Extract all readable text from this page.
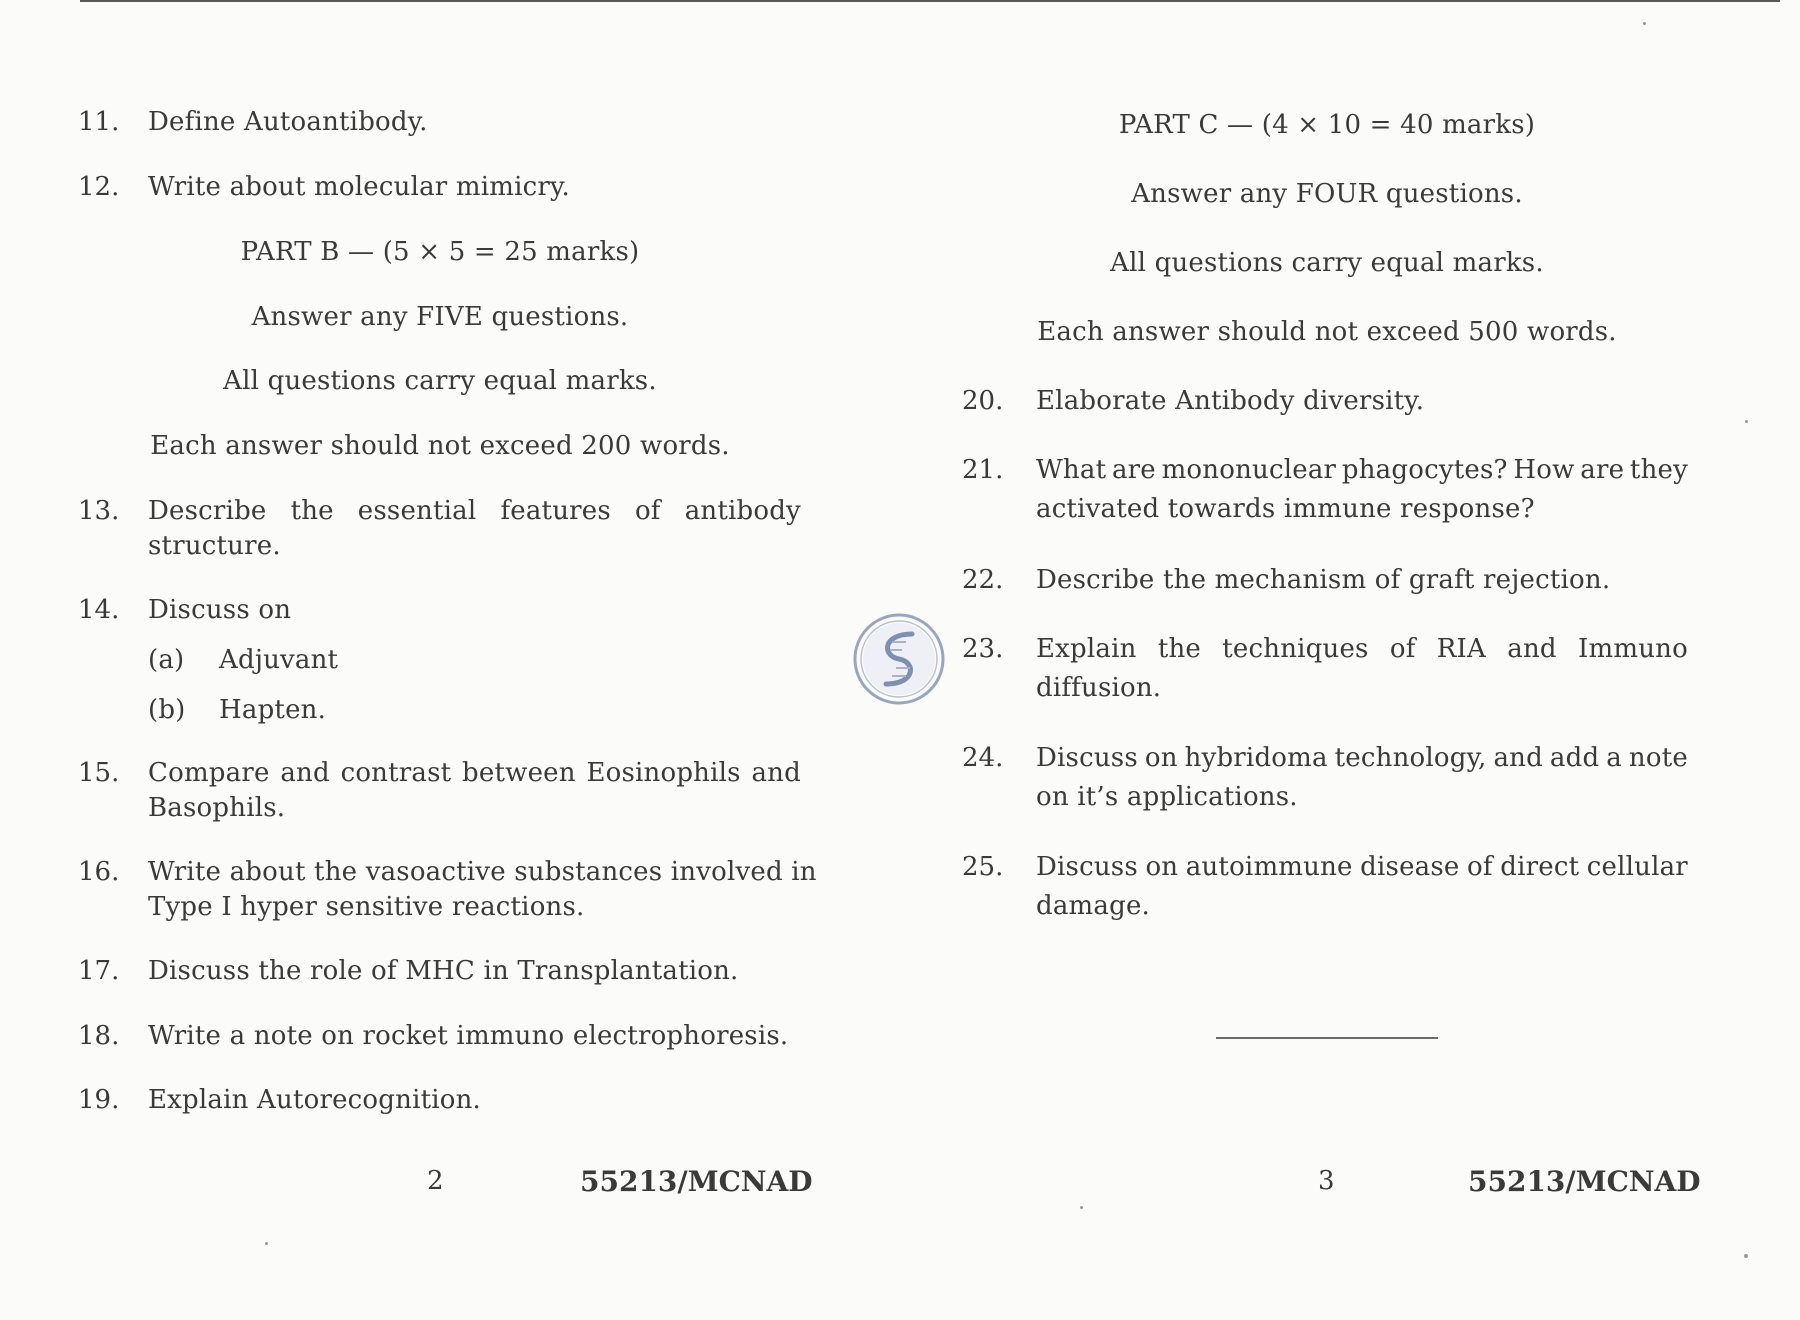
11. Define Autoantibody.
12. Write about molecular mimicry.
PART B — (5 × 5 = 25 marks)
Answer any FIVE questions.
All questions carry equal marks.
Each answer should not exceed 200 words.
13. Describe the essential features of antibody
structure.
14. Discuss on
(a) Adjuvant
(b) Hapten.
15. Compare and contrast between Eosinophils and
Basophils.
16. Write about the vasoactive substances involved in
Type I hyper sensitive reactions.
17. Discuss the role of MHC in Transplantation.
18. Write a note on rocket immuno electrophoresis.
19. Explain Autorecognition.
2	55213/MCNAD
PART C — (4 × 10 = 40 marks)
Answer any FOUR questions.
All questions carry equal marks.
Each answer should not exceed 500 words.
20. Elaborate Antibody diversity.
21. What are mononuclear phagocytes? How are they
activated towards immune response?
22. Describe the mechanism of graft rejection.
23. Explain the techniques of RIA and Immuno
diffusion.
24. Discuss on hybridoma technology, and add a note
on it’s applications.
25. Discuss on autoimmune disease of direct cellular
damage.
3	55213/MCNAD
